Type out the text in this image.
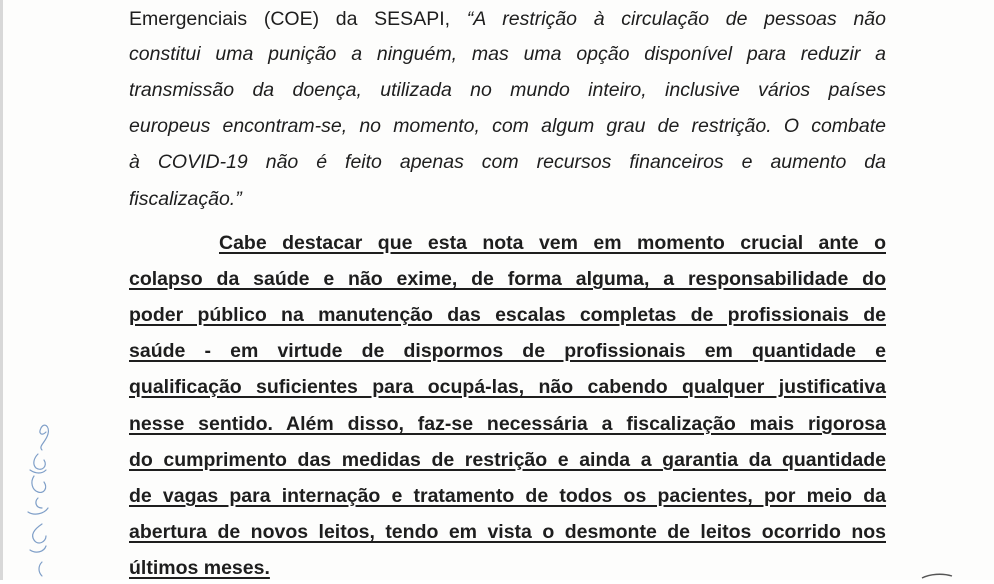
Emergenciais (COE) da SESAPI, “A restrição à circulação de pessoas não
constitui uma punição a ninguém, mas uma opção disponível para reduzir a
transmissão da doença, utilizada no mundo inteiro, inclusive vários países
europeus encontram-se, no momento, com algum grau de restrição. O combate
à COVID-19 não é feito apenas com recursos financeiros e aumento da
fiscalização.”
Cabe destacar que esta nota vem em momento crucial ante o
colapso da saúde e não exime, de forma alguma, a responsabilidade do
poder público na manutenção das escalas completas de profissionais de
saúde - em virtude de dispormos de profissionais em quantidade e
qualificação suficientes para ocupá-las, não cabendo qualquer justificativa
nesse sentido. Além disso, faz-se necessária a fiscalização mais rigorosa
do cumprimento das medidas de restrição e ainda a garantia da quantidade
de vagas para internação e tratamento de todos os pacientes, por meio da
abertura de novos leitos, tendo em vista o desmonte de leitos ocorrido nos
últimos meses.
